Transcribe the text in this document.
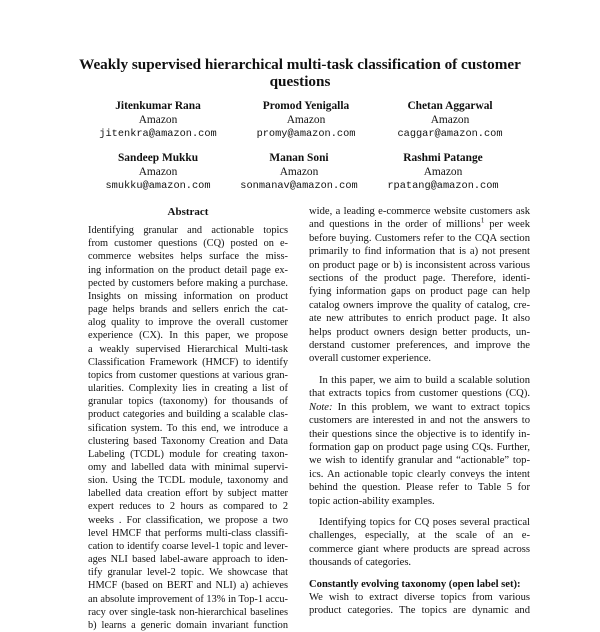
Weakly supervised hierarchical multi-task classification of customer
questions
Jitenkumar Rana
Amazon
jitenkra@amazon.com
Promod Yenigalla
Amazon
promy@amazon.com
Chetan Aggarwal
Amazon
caggar@amazon.com
Sandeep Mukku
Amazon
smukku@amazon.com
Manan Soni
Amazon
sonmanav@amazon.com
Rashmi Patange
Amazon
rpatang@amazon.com
Abstract
Identifying granular and actionable topics
from customer questions (CQ) posted on e-
commerce websites helps surface the miss-
ing information on the product detail page ex-
pected by customers before making a purchase.
Insights on missing information on product
page helps brands and sellers enrich the cat-
alog quality to improve the overall customer
experience (CX). In this paper, we propose
a weakly supervised Hierarchical Multi-task
Classification Framework (HMCF) to identify
topics from customer questions at various gran-
ularities. Complexity lies in creating a list of
granular topics (taxonomy) for thousands of
product categories and building a scalable clas-
sification system. To this end, we introduce a
clustering based Taxonomy Creation and Data
Labeling (TCDL) module for creating taxon-
omy and labelled data with minimal supervi-
sion. Using the TCDL module, taxonomy and
labelled data creation effort by subject matter
expert reduces to 2 hours as compared to 2
weeks . For classification, we propose a two
level HMCF that performs multi-class classifi-
cation to identify coarse level-1 topic and lever-
ages NLI based label-aware approach to iden-
tify granular level-2 topic. We showcase that
HMCF (based on BERT and NLI) a) achieves
an absolute improvement of 13% in Top-1 accu-
racy over single-task non-hierarchical baselines
b) learns a generic domain invariant function
wide, a leading e-commerce website customers ask
and questions in the order of millions$^1$ per week
before buying. Customers refer to the CQA section
primarily to find information that is a) not present
on product page or b) is inconsistent across various
sections of the product page. Therefore, identi-
fying information gaps on product page can help
catalog owners improve the quality of catalog, cre-
ate new attributes to enrich product page. It also
helps product owners design better products, un-
derstand customer preferences, and improve the
overall customer experience.
In this paper, we aim to build a scalable solution
that extracts topics from customer questions (CQ).
Note: In this problem, we want to extract topics
customers are interested in and not the answers to
their questions since the objective is to identify in-
formation gap on product page using CQs. Further,
we wish to identify granular and “actionable” top-
ics. An actionable topic clearly conveys the intent
behind the question. Please refer to Table 5 for
topic action-ability examples.
Identifying topics for CQ poses several practical
challenges, especially, at the scale of an e-
commerce giant where products are spread across
thousands of categories.
Constantly evolving taxonomy (open label set):
We wish to extract diverse topics from various
product categories. The topics are dynamic and
